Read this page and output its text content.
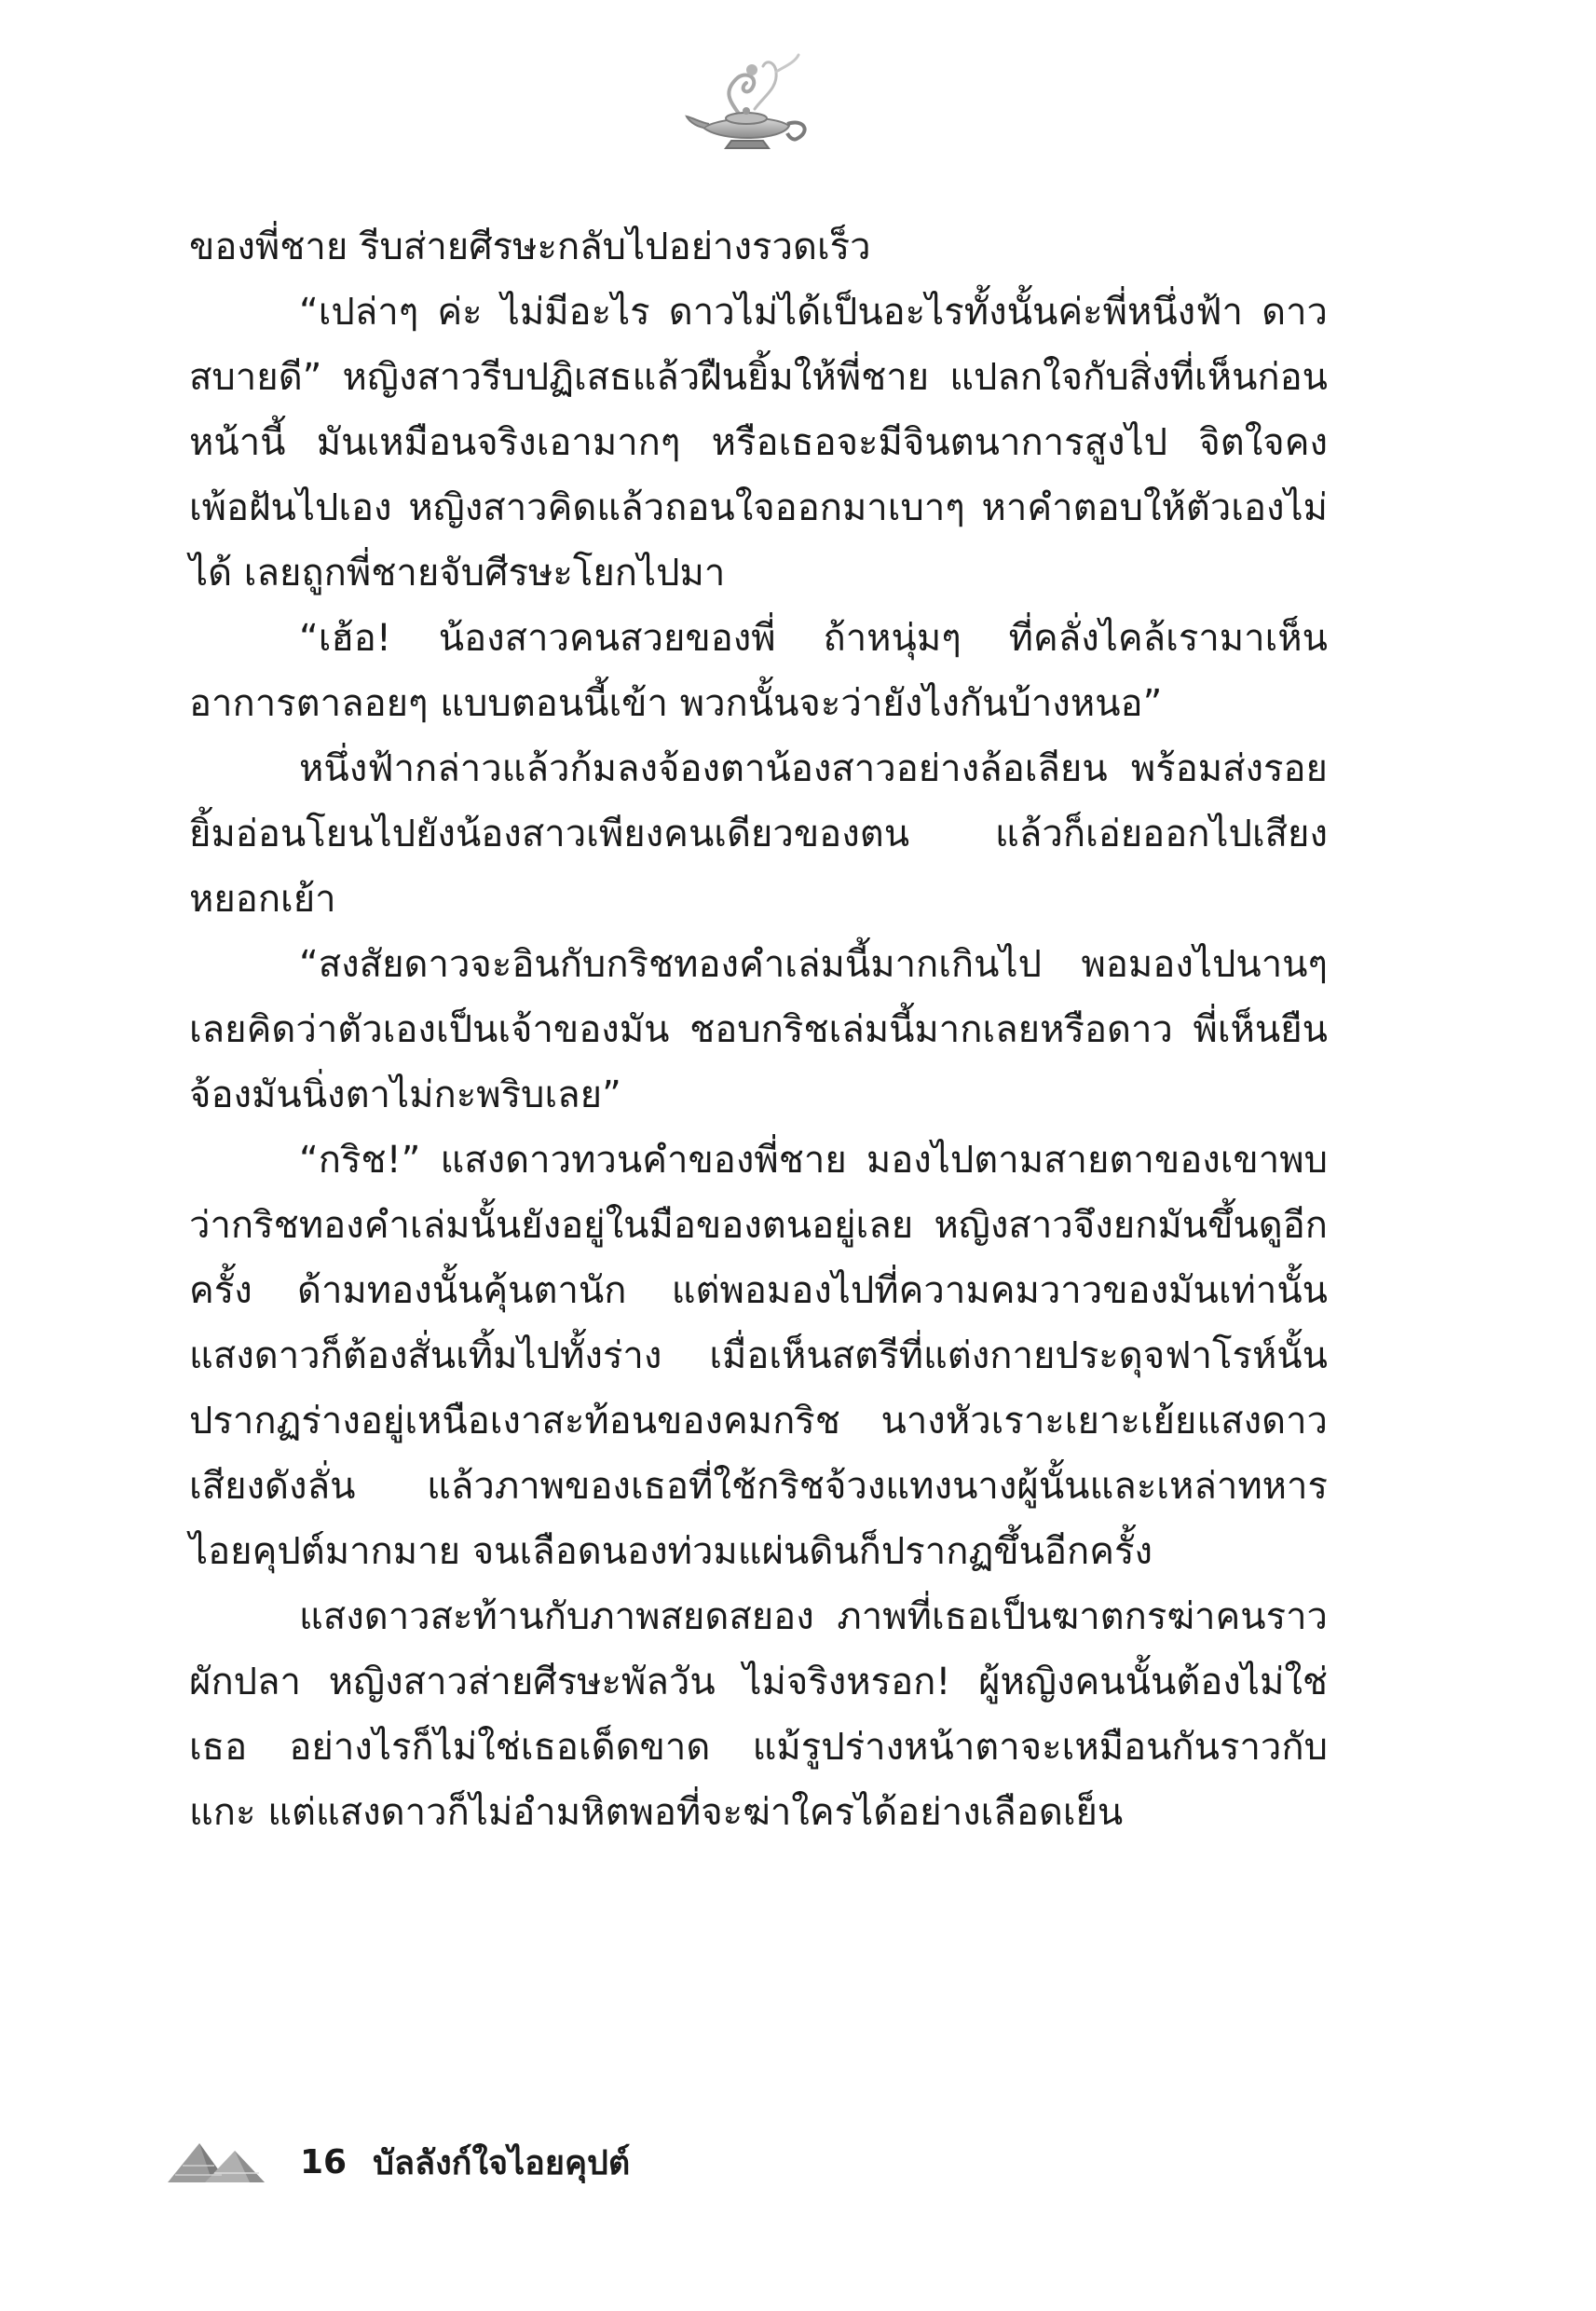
ของพี่ชาย รีบส่ายศีรษะกลับไปอย่างรวดเร็ว

“เปล่าๆ ค่ะ ไม่มีอะไร ดาวไม่ได้เป็นอะไรทั้งนั้นค่ะพี่หนึ่งฟ้า ดาวสบายดี” หญิงสาวรีบปฏิเสธแล้วฝืนยิ้มให้พี่ชาย แปลกใจกับสิ่งที่เห็นก่อนหน้านี้ มันเหมือนจริงเอามากๆ หรือเธอจะมีจินตนาการสูงไป จิตใจคงเพ้อฝันไปเอง หญิงสาวคิดแล้วถอนใจออกมาเบาๆ หาคำตอบให้ตัวเองไม่ได้ เลยถูกพี่ชายจับศีรษะโยกไปมา

“เฮ้อ! น้องสาวคนสวยของพี่ ถ้าหนุ่มๆ ที่คลั่งไคล้เรามาเห็นอาการตาลอยๆ แบบตอนนี้เข้า พวกนั้นจะว่ายังไงกันบ้างหนอ”

หนึ่งฟ้ากล่าวแล้วก้มลงจ้องตาน้องสาวอย่างล้อเลียน พร้อมส่งรอยยิ้มอ่อนโยนไปยังน้องสาวเพียงคนเดียวของตน แล้วก็เอ่ยออกไปเสียงหยอกเย้า

“สงสัยดาวจะอินกับกริชทองคำเล่มนี้มากเกินไป พอมองไปนานๆ เลยคิดว่าตัวเองเป็นเจ้าของมัน ชอบกริชเล่มนี้มากเลยหรือดาว พี่เห็นยืนจ้องมันนิ่งตาไม่กะพริบเลย”

“กริช!” แสงดาวทวนคำของพี่ชาย มองไปตามสายตาของเขาพบว่ากริชทองคำเล่มนั้นยังอยู่ในมือของตนอยู่เลย หญิงสาวจึงยกมันขึ้นดูอีกครั้ง ด้ามทองนั้นคุ้นตานัก แต่พอมองไปที่ความคมวาวของมันเท่านั้น แสงดาวก็ต้องสั่นเทิ้มไปทั้งร่าง เมื่อเห็นสตรีที่แต่งกายประดุจฟาโรห์นั้นปรากฏร่างอยู่เหนือเงาสะท้อนของคมกริช นางหัวเราะเยาะเย้ยแสงดาวเสียงดังลั่น แล้วภาพของเธอที่ใช้กริชจ้วงแทงนางผู้นั้นและเหล่าทหารไอยคุปต์มากมาย จนเลือดนองท่วมแผ่นดินก็ปรากฏขึ้นอีกครั้ง

แสงดาวสะท้านกับภาพสยดสยอง ภาพที่เธอเป็นฆาตกรฆ่าคนราวผักปลา หญิงสาวส่ายศีรษะพัลวัน ไม่จริงหรอก! ผู้หญิงคนนั้นต้องไม่ใช่เธอ อย่างไรก็ไม่ใช่เธอเด็ดขาด แม้รูปร่างหน้าตาจะเหมือนกันราวกับแกะ แต่แสงดาวก็ไม่อำมหิตพอที่จะฆ่าใครได้อย่างเลือดเย็น

16 บัลลังก์ใจไอยคุปต์
